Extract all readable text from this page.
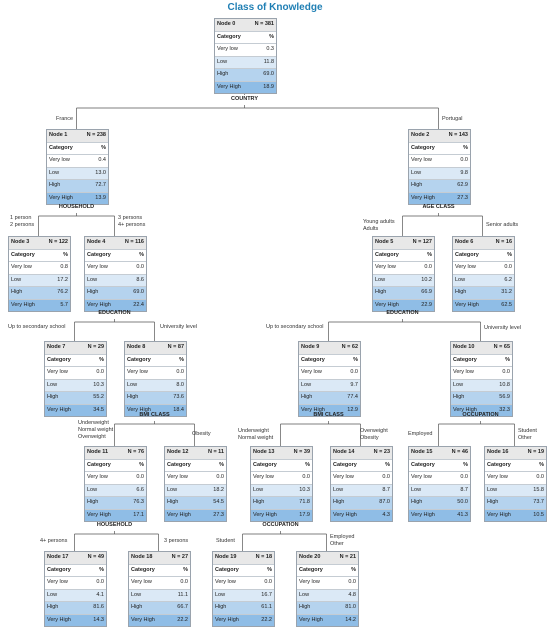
Class of Knowledge
Node 0	N = 381
Category	%
Very low	0.3
Low	11.8
High	69.0
Very High	18.9
Node 1	N = 238
Category	%
Very low	0.4
Low	13.0
High	72.7
Very High	13.9
Node 2	N = 143
Category	%
Very low	0.0
Low	9.8
High	62.9
Very High	27.3
Node 3	N = 122
Category	%
Very low	0.8
Low	17.2
High	76.2
Very High	5.7
Node 4	N = 116
Category	%
Very low	0.0
Low	8.6
High	69.0
Very High	22.4
Node 5	N = 127
Category	%
Very low	0.0
Low	10.2
High	66.9
Very High	22.9
Node 6	N = 16
Category	%
Very low	0.0
Low	6.2
High	31.2
Very High	62.5
Node 7	N = 29
Category	%
Very low	0.0
Low	10.3
High	55.2
Very High	34.5
Node 8	N = 87
Category	%
Very low	0.0
Low	8.0
High	73.6
Very High	18.4
Node 9	N = 62
Category	%
Very low	0.0
Low	9.7
High	77.4
Very High	12.9
Node 10	N = 65
Category	%
Very low	0.0
Low	10.8
High	56.9
Very High	32.3
Node 11	N = 76
Category	%
Very low	0.0
Low	6.6
High	76.3
Very High	17.1
Node 12	N = 11
Category	%
Very low	0.0
Low	18.2
High	54.5
Very High	27.3
Node 13	N = 39
Category	%
Very low	0.0
Low	10.3
High	71.8
Very High	17.9
Node 14	N = 23
Category	%
Very low	0.0
Low	8.7
High	87.0
Very High	4.3
Node 15	N = 46
Category	%
Very low	0.0
Low	8.7
High	50.0
Very High	41.3
Node 16	N = 19
Category	%
Very low	0.0
Low	15.8
High	73.7
Very High	10.5
Node 17	N = 49
Category	%
Very low	0.0
Low	4.1
High	81.6
Very High	14.3
Node 18	N = 27
Category	%
Very low	0.0
Low	11.1
High	66.7
Very High	22.2
Node 19	N = 18
Category	%
Very low	0.0
Low	16.7
High	61.1
Very High	22.2
Node 20	N = 21
Category	%
Very low	0.0
Low	4.8
High	81.0
Very High	14.2
COUNTRY
France	Portugal
HOUSEHOLD
1 person
2 persons
3 persons
4+ persons
AGE CLASS
Young adults
Adults
Senior adults
EDUCATION
Up to secondary school	University level
EDUCATION
Up to secondary school	University level
BMI CLASS
Underweight
Normal weight
Overweight	Obesity
BMI CLASS
Underweight
Normal weight
Overweight
Obesity
OCCUPATION
Employed	Student
Other
HOUSEHOLD
4+ persons	3 persons
OCCUPATION
Student
Employed
Other
